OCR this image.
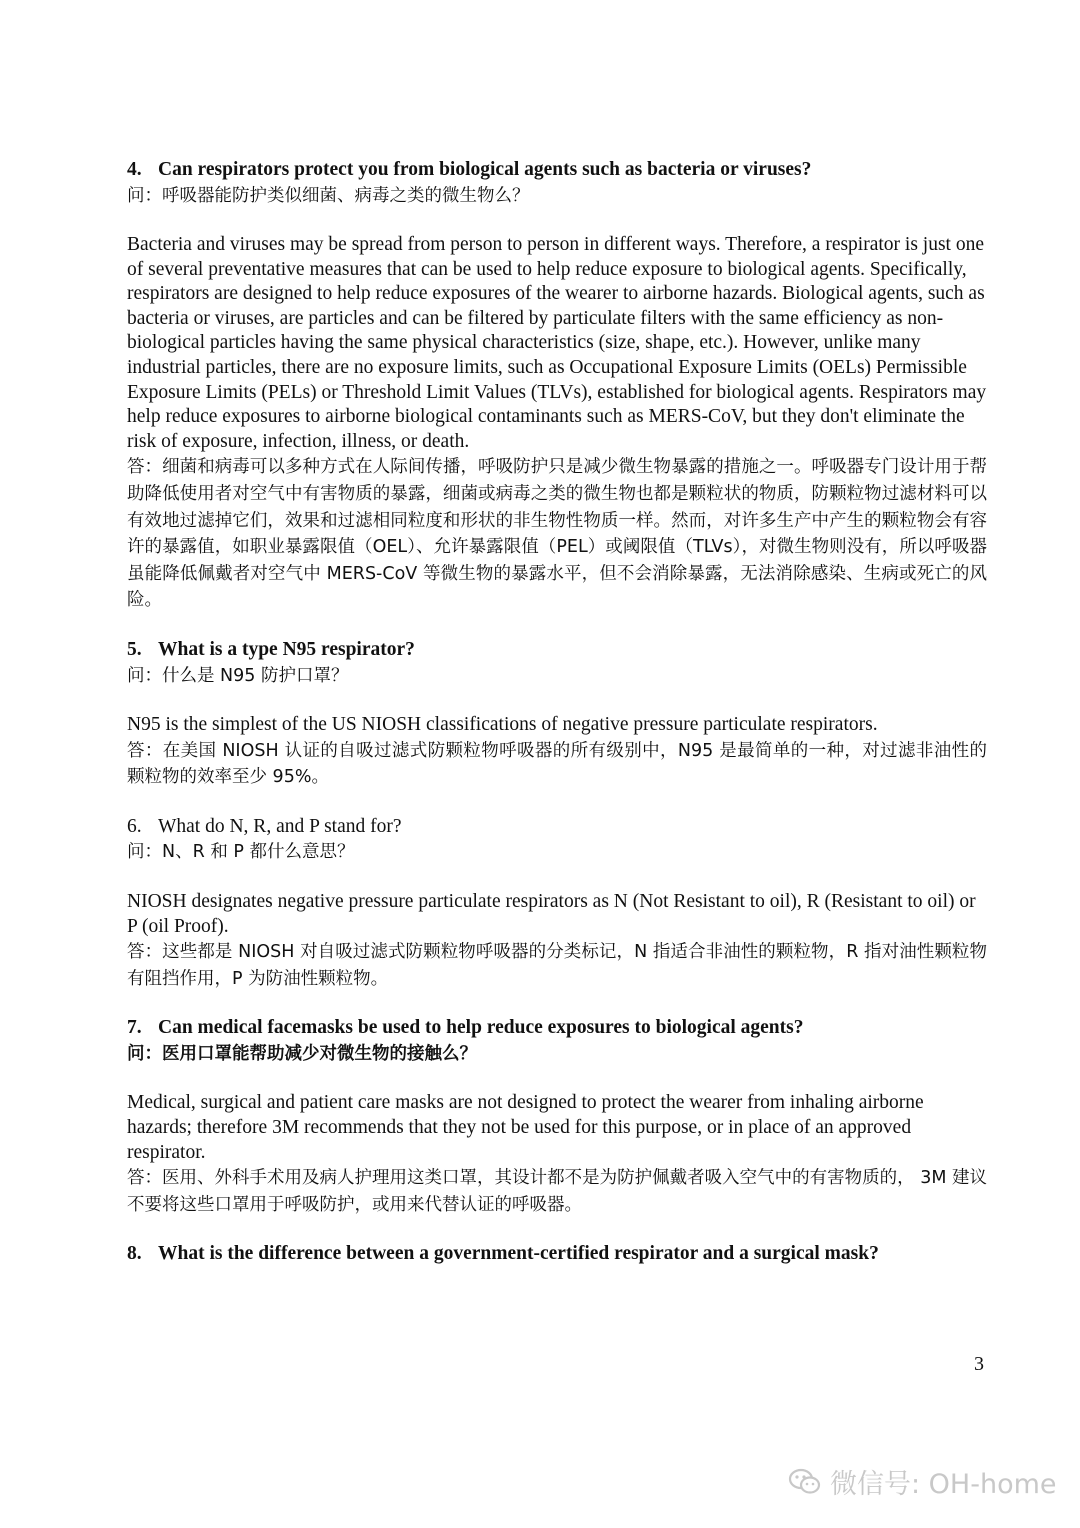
4. Can respirators protect you from biological agents such as bacteria or viruses?

问：呼吸器能防护类似细菌、病毒之类的微生物么？

Bacteria and viruses may be spread from person to person in different ways. Therefore, a respirator is just one of several preventative measures that can be used to help reduce exposure to biological agents. Specifically, respirators are designed to help reduce exposures of the wearer to airborne hazards. Biological agents, such as bacteria or viruses, are particles and can be filtered by particulate filters with the same efficiency as non-biological particles having the same physical characteristics (size, shape, etc.). However, unlike many industrial particles, there are no exposure limits, such as Occupational Exposure Limits (OELs) Permissible Exposure Limits (PELs) or Threshold Limit Values (TLVs), established for biological agents. Respirators may help reduce exposures to airborne biological contaminants such as MERS-CoV, but they don't eliminate the risk of exposure, infection, illness, or death.

答：细菌和病毒可以多种方式在人际间传播，呼吸防护只是减少微生物暴露的措施之一。呼吸器专门设计用于帮助降低使用者对空气中有害物质的暴露，细菌或病毒之类的微生物也都是颗粒状的物质，防颗粒物过滤材料可以有效地过滤掉它们，效果和过滤相同粒度和形状的非生物性物质一样。然而，对许多生产中产生的颗粒物会有容许的暴露值，如职业暴露限值（OEL）、允许暴露限值（PEL）或阈限值（TLVs），对微生物则没有，所以呼吸器虽能降低佩戴者对空气中 MERS-CoV 等微生物的暴露水平，但不会消除暴露，无法消除感染、生病或死亡的风险。

5. What is a type N95 respirator?

问：什么是 N95 防护口罩？

N95 is the simplest of the US NIOSH classifications of negative pressure particulate respirators.

答：在美国 NIOSH 认证的自吸过滤式防颗粒物呼吸器的所有级别中，N95 是最简单的一种，对过滤非油性的颗粒物的效率至少 95%。

6. What do N, R, and P stand for?

问：N、R 和 P 都什么意思？

NIOSH designates negative pressure particulate respirators as N (Not Resistant to oil), R (Resistant to oil) or P (oil Proof).

答：这些都是 NIOSH 对自吸过滤式防颗粒物呼吸器的分类标记，N 指适合非油性的颗粒物，R 指对油性颗粒物有阻挡作用，P 为防油性颗粒物。

7. Can medical facemasks be used to help reduce exposures to biological agents?

问：医用口罩能帮助减少对微生物的接触么？

Medical, surgical and patient care masks are not designed to protect the wearer from inhaling airborne hazards; therefore 3M recommends that they not be used for this purpose, or in place of an approved respirator.

答：医用、外科手术用及病人护理用这类口罩，其设计都不是为防护佩戴者吸入空气中的有害物质的， 3M 建议不要将这些口罩用于呼吸防护，或用来代替认证的呼吸器。

8. What is the difference between a government-certified respirator and a surgical mask?

3
微信号: OH-home
